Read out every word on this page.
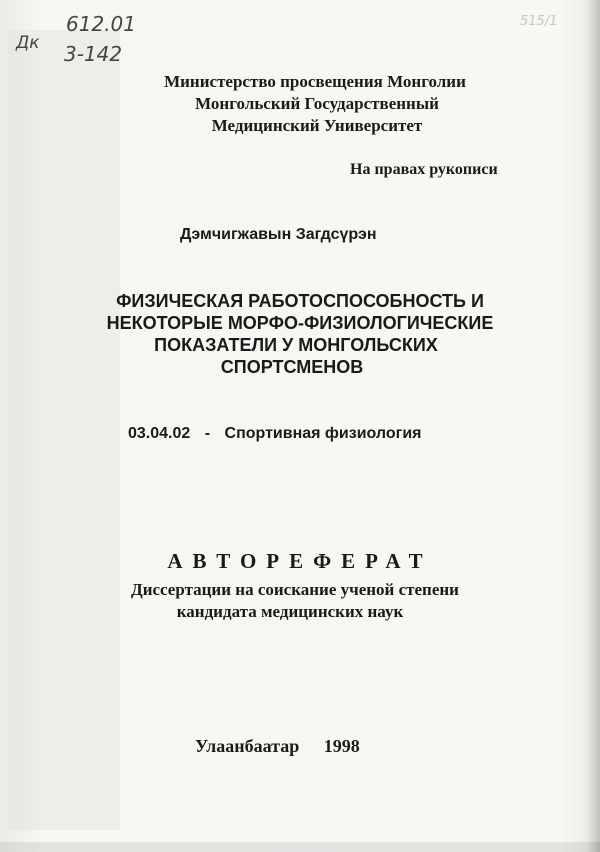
Дк
612.01
3-142
515/1
Министерство просвещения Монголии
Монгольский Государственный
Медицинский Университет
На правах рукописи
Дэмчигжавын Загдсүрэн
ФИЗИЧЕСКАЯ РАБОТОСПОСОБНОСТЬ И
НЕКОТОРЫЕ МОРФО-ФИЗИОЛОГИЧЕСКИЕ
ПОКАЗАТЕЛИ У МОНГОЛЬСКИХ
СПОРТСМЕНОВ
03.04.02 - Спортивная физиология
АВТОРЕФЕРАТ
Диссертации на соискание ученой степени
кандидата медицинских наук
Улаанбаатар 1998
